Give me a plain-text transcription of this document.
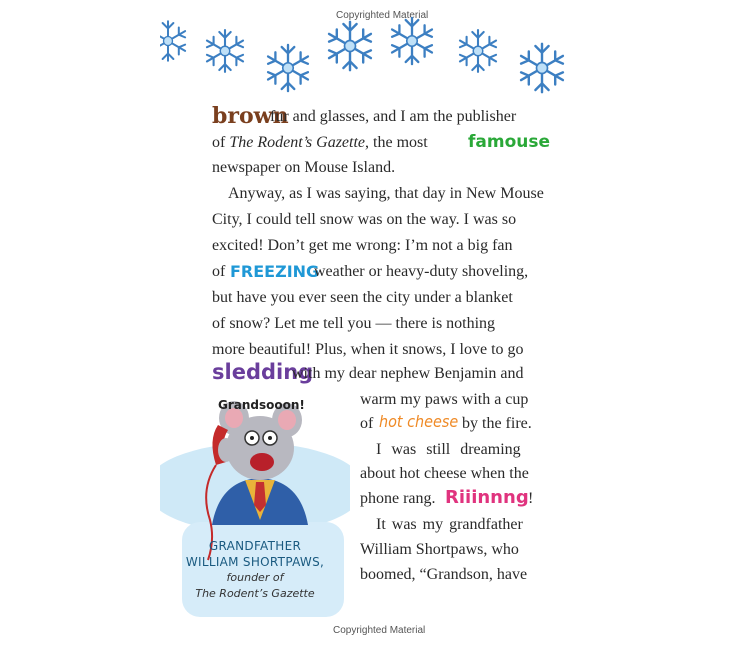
Copyrighted Material
brown
fur and glasses, and I am the publisher
of The Rodent’s Gazette, the most famouse
newspaper on Mouse Island.
Anyway, as I was saying, that day in New Mouse
City, I could tell snow was on the way. I was so
excited! Don’t get me wrong: I’m not a big fan
of FREEZING
weather or heavy-duty shoveling,
but have you ever seen the city under a blanket
of snow? Let me tell you — there is nothing
more beautiful! Plus, when it snows, I love to go
sledding
with my dear nephew Benjamin and
warm my paws with a cup
of hot cheese by the fire.
I was still dreaming
about hot cheese when the
phone rang. Riiinnng !
It was my grandfather
William Shortpaws, who
boomed, “Grandson, have
Grandsooon!
GRANDFATHER
WILLIAM SHORTPAWS,
founder of
The Rodent’s Gazette
Copyrighted Material
